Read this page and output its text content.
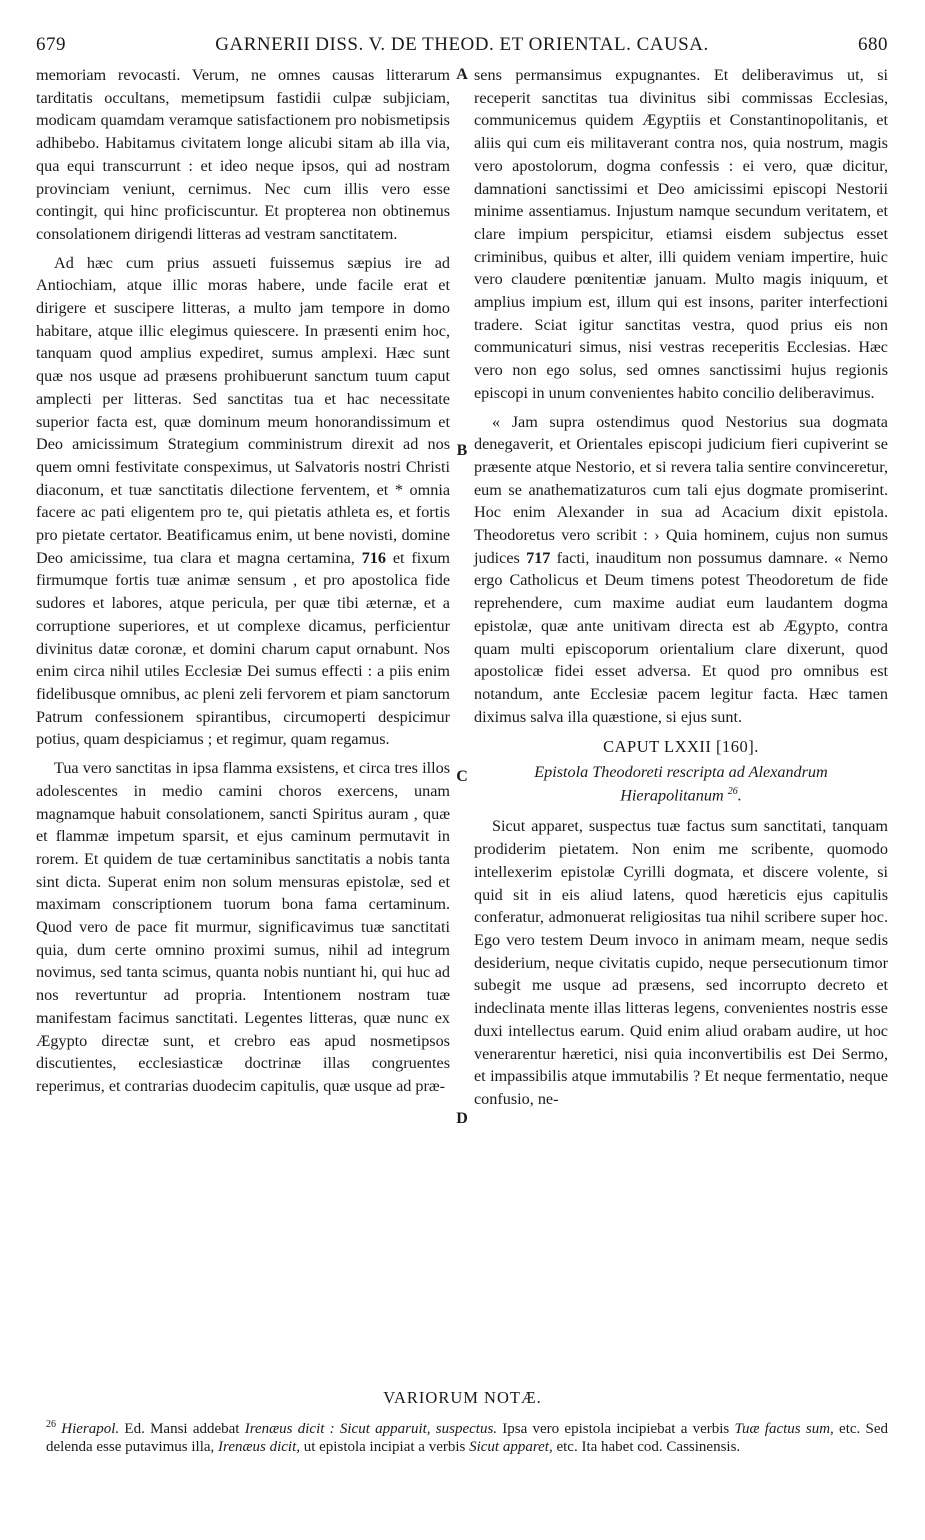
679	GARNERII DISS. V. DE THEOD. ET ORIENTAL. CAUSA.	680
A
B
C
D

memoriam revocasti. Verum, ne omnes causas litterarum tarditatis occultans, memetipsum fastidii culpæ subjiciam, modicam quamdam veramque satisfactionem pro nobismetipsis adhibebo. Habitamus civitatem longe alicubi sitam ab illa via, qua equi transcurrunt : et ideo neque ipsos, qui ad nostram provinciam veniunt, cernimus. Nec cum illis vero esse contingit, qui hinc proficiscuntur. Et propterea non obtinemus consolationem dirigendi litteras ad vestram sanctitatem.

Ad hæc cum prius assueti fuissemus sæpius ire ad Antiochiam, atque illic moras habere, unde facile erat et dirigere et suscipere litteras, a multo jam tempore in domo habitare, atque illic elegimus quiescere. In præsenti enim hoc, tanquam quod amplius expediret, sumus amplexi. Hæc sunt quæ nos usque ad præsens prohibuerunt sanctum tuum caput amplecti per litteras. Sed sanctitas tua et hac necessitate superior facta est, quæ dominum meum honorandissimum et Deo amicissimum Strategium comministrum direxit ad nos quem omni festivitate conspeximus, ut Salvatoris nostri Christi diaconum, et tuæ sanctitatis dilectione ferventem, et * omnia facere ac pati eligentem pro te, qui pietatis athleta es, et fortis pro pietate certator. Beatificamus enim, ut bene novisti, domine Deo amicissime, tua clara et magna certamina, 716 et fixum firmumque fortis tuæ animæ sensum , et pro apostolica fide sudores et labores, atque pericula, per quæ tibi æternæ, et a corruptione superiores, et ut complexe dicamus, perficientur divinitus datæ coronæ, et domini charum caput ornabunt. Nos enim circa nihil utiles Ecclesiæ Dei sumus effecti : a piis enim fidelibusque omnibus, ac pleni zeli fervorem et piam sanctorum Patrum confessionem spirantibus, circumoperti despicimur potius, quam despiciamus ; et regimur, quam regamus.

Tua vero sanctitas in ipsa flamma exsistens, et circa tres illos adolescentes in medio camini choros exercens, unam magnamque habuit consolationem, sancti Spiritus auram , quæ et flammæ impetum sparsit, et ejus caminum permutavit in rorem. Et quidem de tuæ certaminibus sanctitatis a nobis tanta sint dicta. Superat enim non solum mensuras epistolæ, sed et maximam conscriptionem tuorum bona fama certaminum. Quod vero de pace fit murmur, significavimus tuæ sanctitati quia, dum certe omnino proximi sumus, nihil ad integrum novimus, sed tanta scimus, quanta nobis nuntiant hi, qui huc ad nos revertuntur ad propria. Intentionem nostram tuæ manifestam facimus sanctitati. Legentes litteras, quæ nunc ex Ægypto directæ sunt, et crebro eas apud nosmetipsos discutientes, ecclesiasticæ doctrinæ illas congruentes reperimus, et contrarias duodecim capitulis, quæ usque ad præ-

sens permansimus expugnantes. Et deliberavimus ut, si receperit sanctitas tua divinitus sibi commissas Ecclesias, communicemus quidem Ægyptiis et Constantinopolitanis, et aliis qui cum eis militaverant contra nos, quia nostrum, magis vero apostolorum, dogma confessis : ei vero, quæ dicitur, damnationi sanctissimi et Deo amicissimi episcopi Nestorii minime assentiamus. Injustum namque secundum veritatem, et clare impium perspicitur, etiamsi eisdem subjectus esset criminibus, quibus et alter, illi quidem veniam impertire, huic vero claudere pœnitentiæ januam. Multo magis iniquum, et amplius impium est, illum qui est insons, pariter interfectioni tradere. Sciat igitur sanctitas vestra, quod prius eis non communicaturi simus, nisi vestras receperitis Ecclesias. Hæc vero non ego solus, sed omnes sanctissimi hujus regionis episcopi in unum convenientes habito concilio deliberavimus.

« Jam supra ostendimus quod Nestorius sua dogmata denegaverit, et Orientales episcopi judicium fieri cupiverint se præsente atque Nestorio, et si revera talia sentire convinceretur, eum se anathematizaturos cum tali ejus dogmate promiserint. Hoc enim Alexander in sua ad Acacium dixit epistola. Theodoretus vero scribit : › Quia hominem, cujus non sumus judices 717 facti, inauditum non possumus damnare. « Nemo ergo Catholicus et Deum timens potest Theodoretum de fide reprehendere, cum maxime audiat eum laudantem dogma epistolæ, quæ ante unitivam directa est ab Ægypto, contra quam multi episcoporum orientalium clare dixerunt, quod apostolicæ fidei esset adversa. Et quod pro omnibus est notandum, ante Ecclesiæ pacem legitur facta. Hæc tamen diximus salva illa quæstione, si ejus sunt.

CAPUT LXXII [160].
Epistola Theodoreti rescripta ad Alexandrum Hierapolitanum $^{26}$.

Sicut apparet, suspectus tuæ factus sum sanctitati, tanquam prodiderim pietatem. Non enim me scribente, quomodo intellexerim epistolæ Cyrilli dogmata, et discere volente, si quid sit in eis aliud latens, quod hæreticis ejus capitulis conferatur, admonuerat religiositas tua nihil scribere super hoc. Ego vero testem Deum invoco in animam meam, neque sedis desiderium, neque civitatis cupido, neque persecutionum timor subegit me usque ad præsens, sed incorrupto decreto et indeclinata mente illas litteras legens, convenientes nostris esse duxi intellectus earum. Quid enim aliud orabam audire, ut hoc venerarentur hæretici, nisi quia inconvertibilis est Dei Sermo, et impassibilis atque immutabilis ? Et neque fermentatio, neque confusio, ne-

VARIORUM NOTÆ.
$^{26}$ Hierapol. Ed. Mansi addebat Irenæus dicit : Sicut apparuit, suspectus. Ipsa vero epistola incipiebat a verbis Tuæ factus sum, etc. Sed delenda esse putavimus illa, Irenæus dicit, ut epistola incipiat a verbis Sicut apparet, etc. Ita habet cod. Cassinensis.
